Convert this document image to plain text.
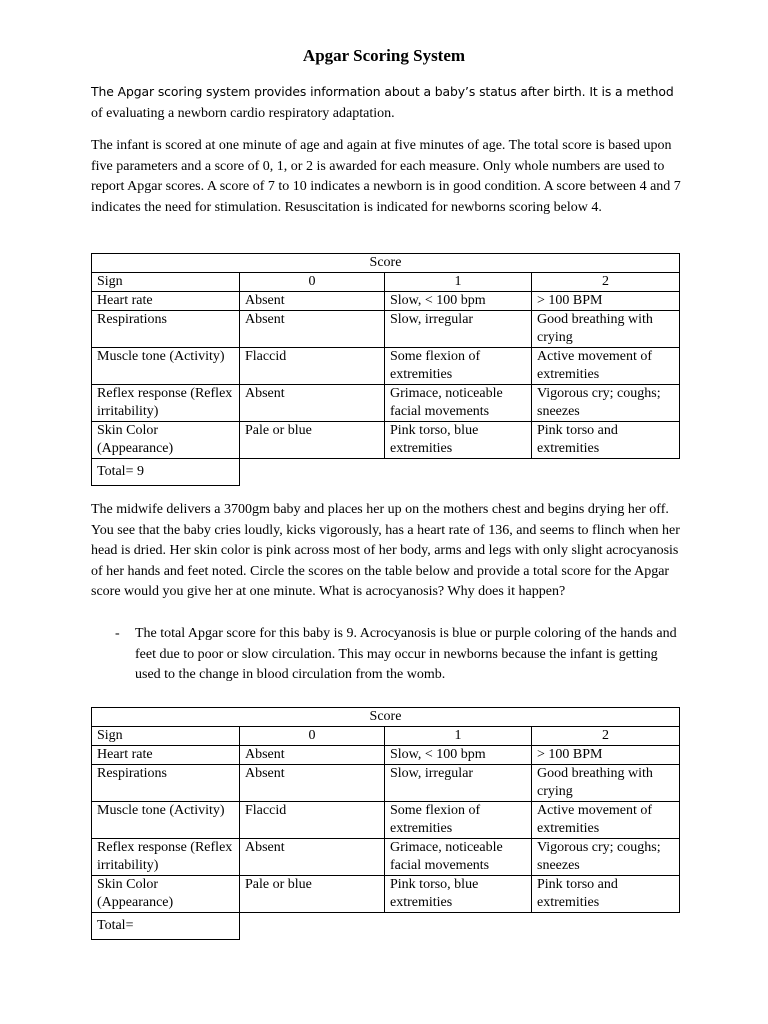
Apgar Scoring System
The Apgar scoring system provides information about a baby’s status after birth. It is a method
of evaluating a newborn cardio respiratory adaptation.
The infant is scored at one minute of age and again at five minutes of age. The total score is based upon five parameters and a score of 0, 1, or 2 is awarded for each measure. Only whole numbers are used to report Apgar scores. A score of 7 to 10 indicates a newborn is in good condition. A score between 4 and 7 indicates the need for stimulation. Resuscitation is indicated for newborns scoring below 4.
Score			
Sign	0	1	2
Heart rate	Absent	Slow, < 100 bpm	> 100 BPM
Respirations	Absent	Slow, irregular	Good breathing with crying
Muscle tone (Activity)	Flaccid	Some flexion of extremities	Active movement of extremities
Reflex response (Reflex irritability)	Absent	Grimace, noticeable facial movements	Vigorous cry; coughs; sneezes
Skin Color (Appearance)	Pale or blue	Pink torso, blue extremities	Pink torso and extremities
Total= 9			
The midwife delivers a 3700gm baby and places her up on the mothers chest and begins drying her off. You see that the baby cries loudly, kicks vigorously, has a heart rate of 136, and seems to flinch when her head is dried. Her skin color is pink across most of her body, arms and legs with only slight acrocyanosis of her hands and feet noted. Circle the scores on the table below and provide a total score for the Apgar score would you give her at one minute. What is acrocyanosis? Why does it happen?
- The total Apgar score for this baby is 9. Acrocyanosis is blue or purple coloring of the hands and feet due to poor or slow circulation. This may occur in newborns because the infant is getting used to the change in blood circulation from the womb.
Score			
Sign	0	1	2
Heart rate	Absent	Slow, < 100 bpm	> 100 BPM
Respirations	Absent	Slow, irregular	Good breathing with crying
Muscle tone (Activity)	Flaccid	Some flexion of extremities	Active movement of extremities
Reflex response (Reflex irritability)	Absent	Grimace, noticeable facial movements	Vigorous cry; coughs; sneezes
Skin Color (Appearance)	Pale or blue	Pink torso, blue extremities	Pink torso and extremities
Total=			
